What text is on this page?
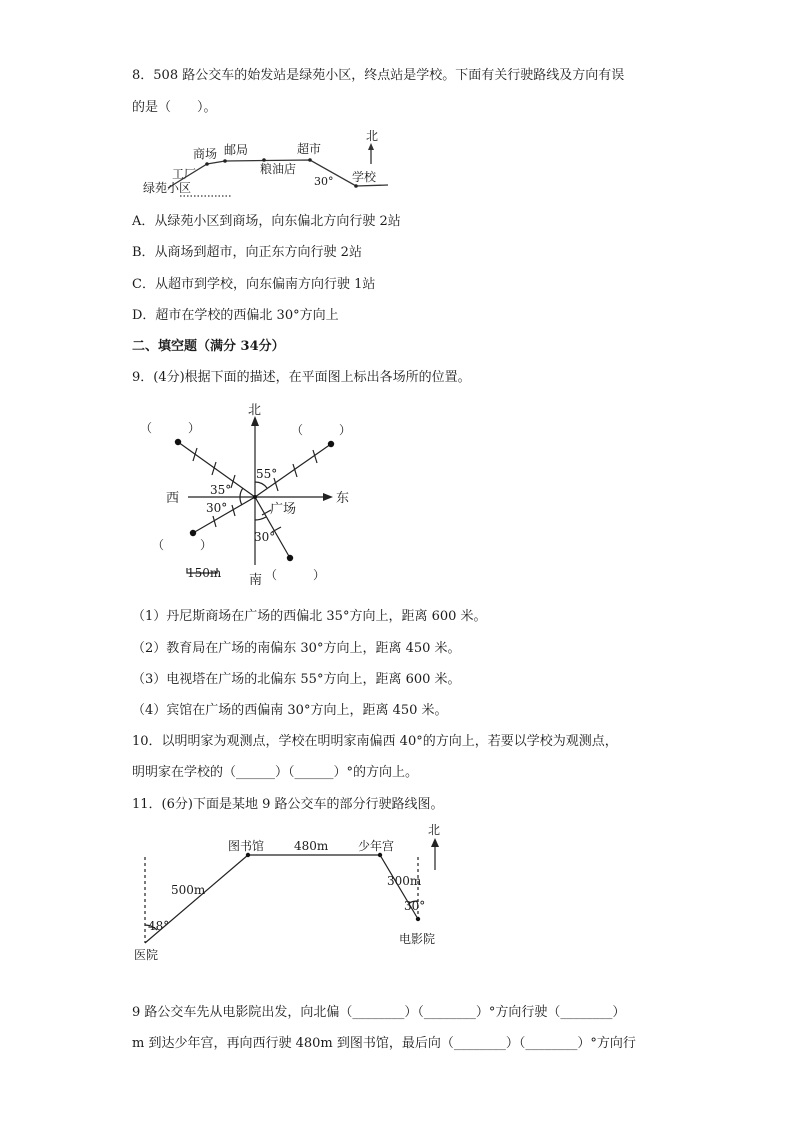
8．508 路公交车的始发站是绿苑小区，终点站是学校。下面有关行驶路线及方向有误
的是（　　）。
北
绿苑小区
工厂
商场 邮局
粮油店
超市
学校
30°
A．从绿苑小区到商场，向东偏北方向行驶 2站
B．从商场到超市，向正东方向行驶 2站
C．从超市到学校，向东偏南方向行驶 1站
D．超市在学校的西偏北 30°方向上
二、填空题（满分 34分）
9．(4分)根据下面的描述，在平面图上标出各场所的位置。
北
南
东
西
广场
55°
35°
30°
30°
150m
（　　　）	（　　　）
（　　　）
（　　　）
（1）丹尼斯商场在广场的西偏北 35°方向上，距离 600 米。
（2）教育局在广场的南偏东 30°方向上，距离 450 米。
（3）电视塔在广场的北偏东 55°方向上，距离 600 米。
（4）宾馆在广场的西偏南 30°方向上，距离 450 米。
10．以明明家为观测点，学校在明明家南偏西 40°的方向上，若要以学校为观测点，
明明家在学校的（______）（______）°的方向上。
11．(6分)下面是某地 9 路公交车的部分行驶路线图。
北
医院
图书馆	少年宫
电影院
500m
480m
300m
48°
30°
9 路公交车先从电影院出发，向北偏（________）（________）°方向行驶（________）
m 到达少年宫，再向西行驶 480m 到图书馆，最后向（________）（________）°方向行
